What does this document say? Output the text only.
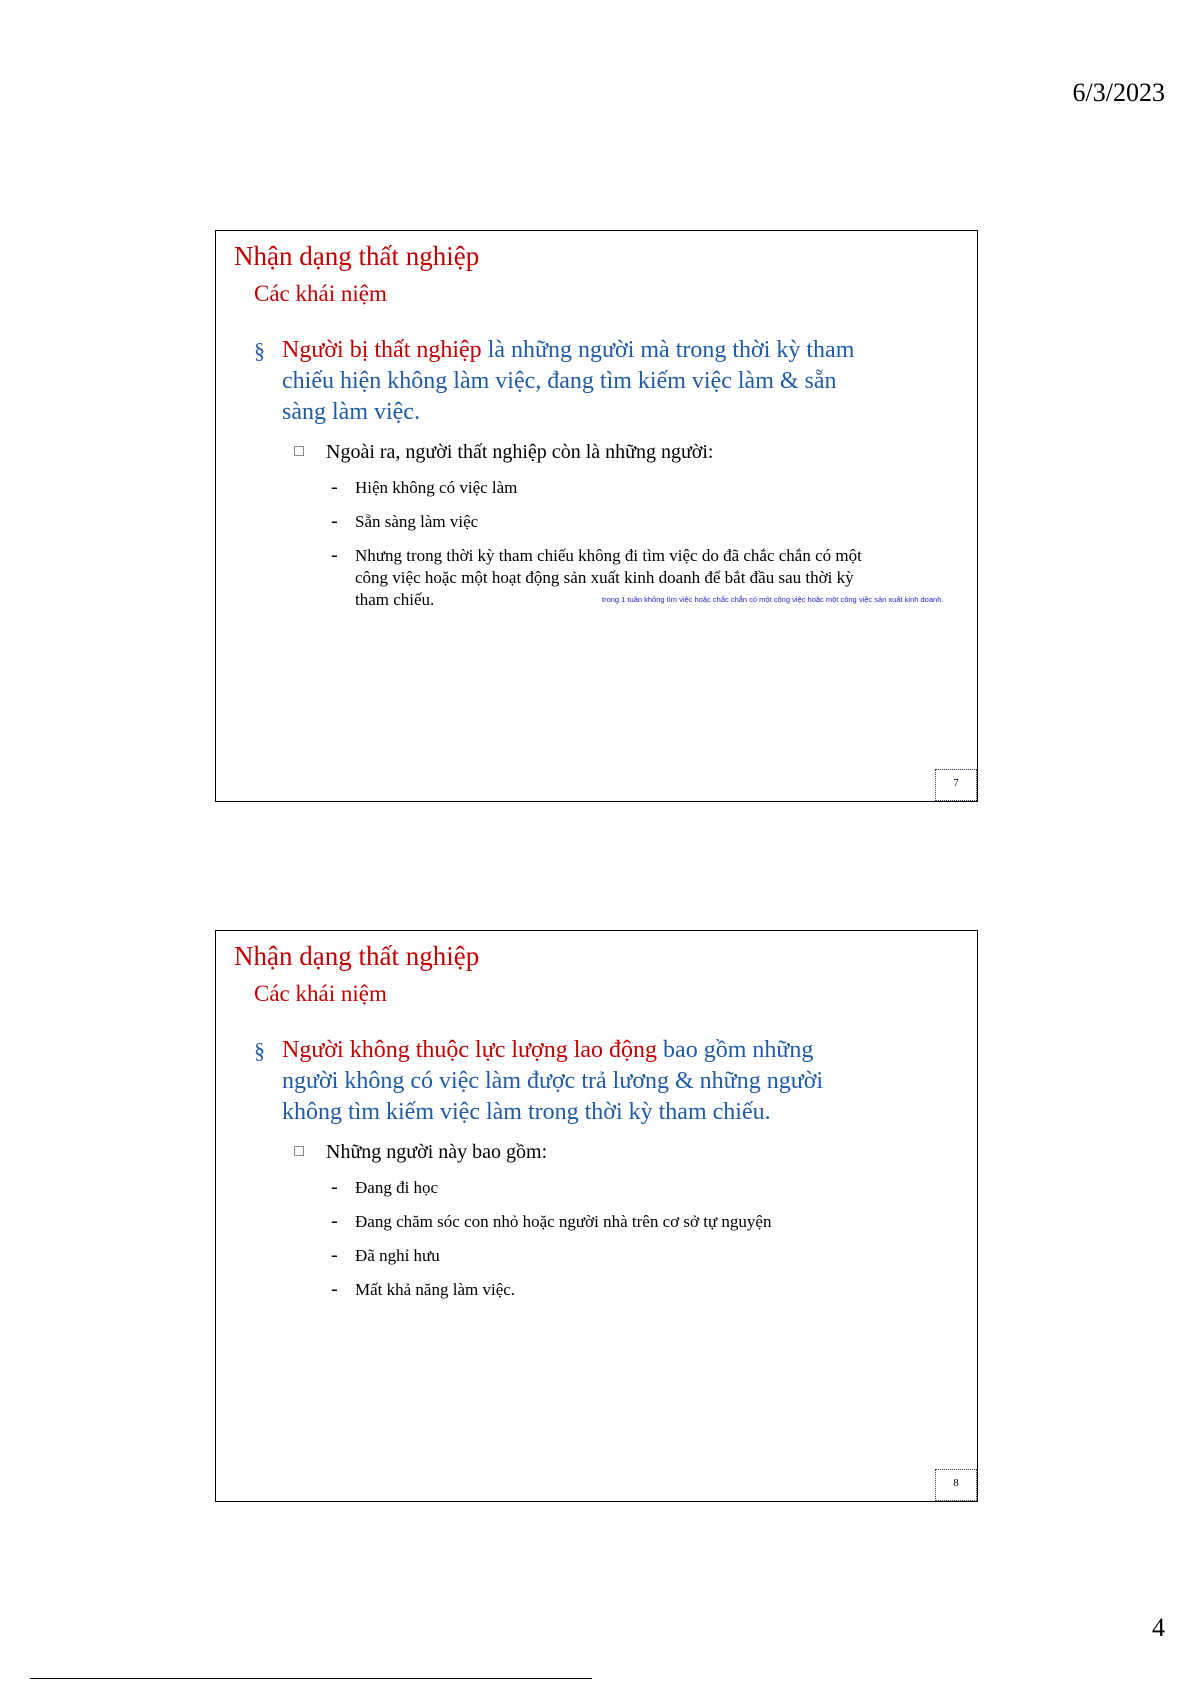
6/3/2023
Nhận dạng thất nghiệp
Các khái niệm
§ Người bị thất nghiệp là những người mà trong thời kỳ tham chiếu hiện không làm việc, đang tìm kiếm việc làm & sẵn sàng làm việc.
Ngoài ra, người thất nghiệp còn là những người:
- Hiện không có việc làm
- Sẵn sàng làm việc
- Nhưng trong thời kỳ tham chiếu không đi tìm việc do đã chắc chắn có một công việc hoặc một hoạt động sản xuất kinh doanh để bắt đầu sau thời kỳ tham chiếu.	trong 1 tuần không tìm việc hoặc chắc chắn có một công việc hoặc một công việc sản xuất kinh doanh.
7
Nhận dạng thất nghiệp
Các khái niệm
§ Người không thuộc lực lượng lao động bao gồm những người không có việc làm được trả lương & những người không tìm kiếm việc làm trong thời kỳ tham chiếu.
Những người này bao gồm:
- Đang đi học
- Đang chăm sóc con nhỏ hoặc người nhà trên cơ sở tự nguyện
- Đã nghỉ hưu
- Mất khả năng làm việc.
8
4
